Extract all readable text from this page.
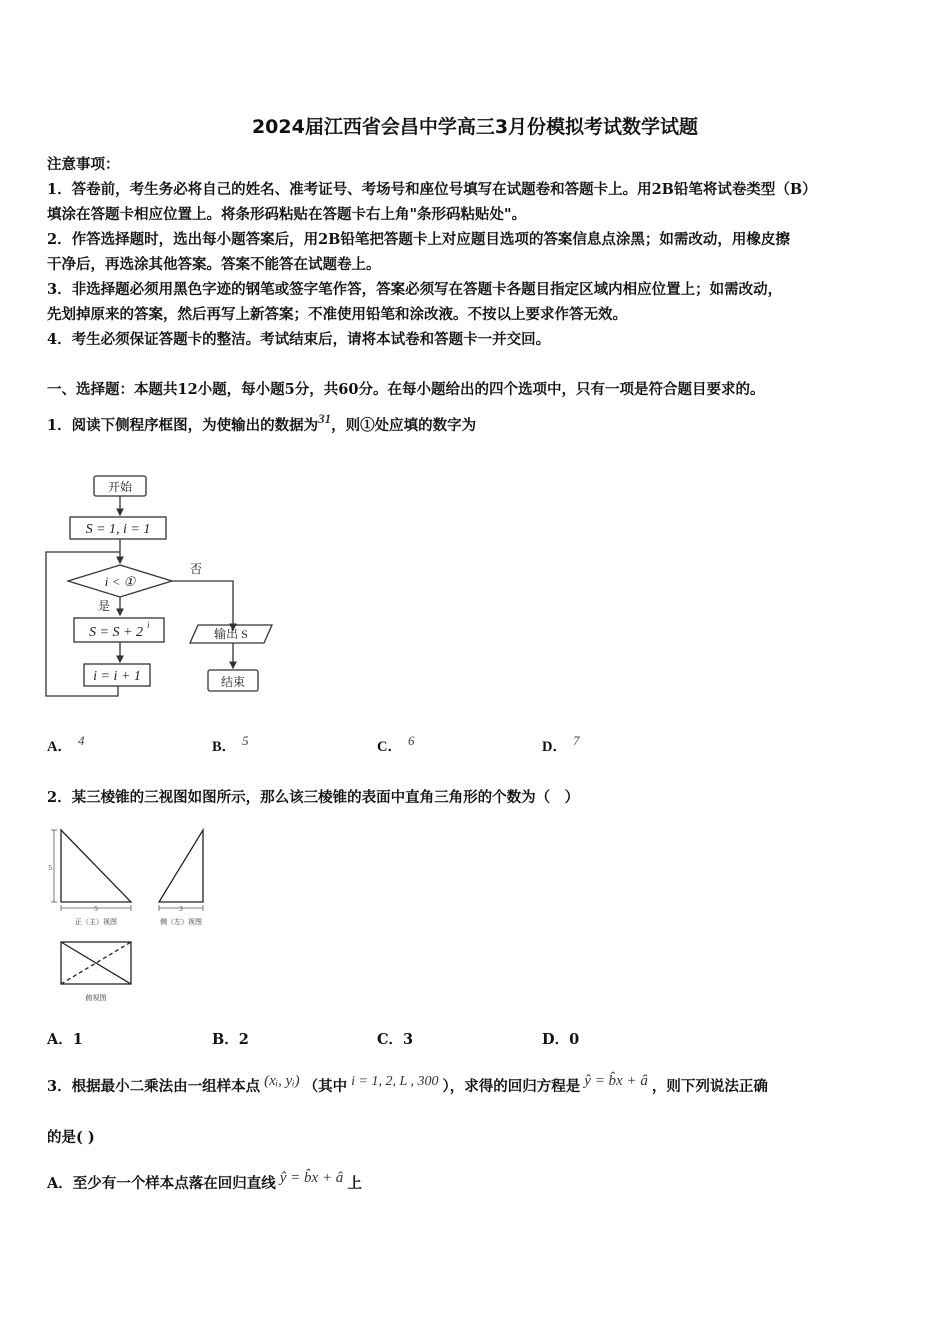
2024届江西省会昌中学高三3月份模拟考试数学试题
注意事项：
1．答卷前，考生务必将自己的姓名、准考证号、考场号和座位号填写在试题卷和答题卡上。用2B铅笔将试卷类型（B）
填涂在答题卡相应位置上。将条形码粘贴在答题卡右上角"条形码粘贴处"。
2．作答选择题时，选出每小题答案后，用2B铅笔把答题卡上对应题目选项的答案信息点涂黑；如需改动，用橡皮擦
干净后，再选涂其他答案。答案不能答在试题卷上。
3．非选择题必须用黑色字迹的钢笔或签字笔作答，答案必须写在答题卡各题目指定区域内相应位置上；如需改动，
先划掉原来的答案，然后再写上新答案；不准使用铅笔和涂改液。不按以上要求作答无效。
4．考生必须保证答题卡的整洁。考试结束后，请将本试卷和答题卡一并交回。
一、选择题：本题共12小题，每小题5分，共60分。在每小题给出的四个选项中，只有一项是符合题目要求的。
1．阅读下侧程序框图，为使输出的数据为31，则①处应填的数字为
开始
S = 1, i = 1
i < ①
否
是
S = S + 2 i
i = i + 1
输出 S
结束
A． 4	B． 5	C． 6	D． 7
2．某三棱锥的三视图如图所示，那么该三棱锥的表面中直角三角形的个数为（　）
5
5	3
正（主）视图	侧（左）视图
俯视图
A．1	B．2	C．3	D．0
3．根据最小二乘法由一组样本点 (xᵢ, yᵢ) （其中 i = 1, 2, L , 300 ），求得的回归方程是 ŷ = b̂x + â ，则下列说法正确
的是( )
A．至少有一个样本点落在回归直线 ŷ = b̂x + â 上
